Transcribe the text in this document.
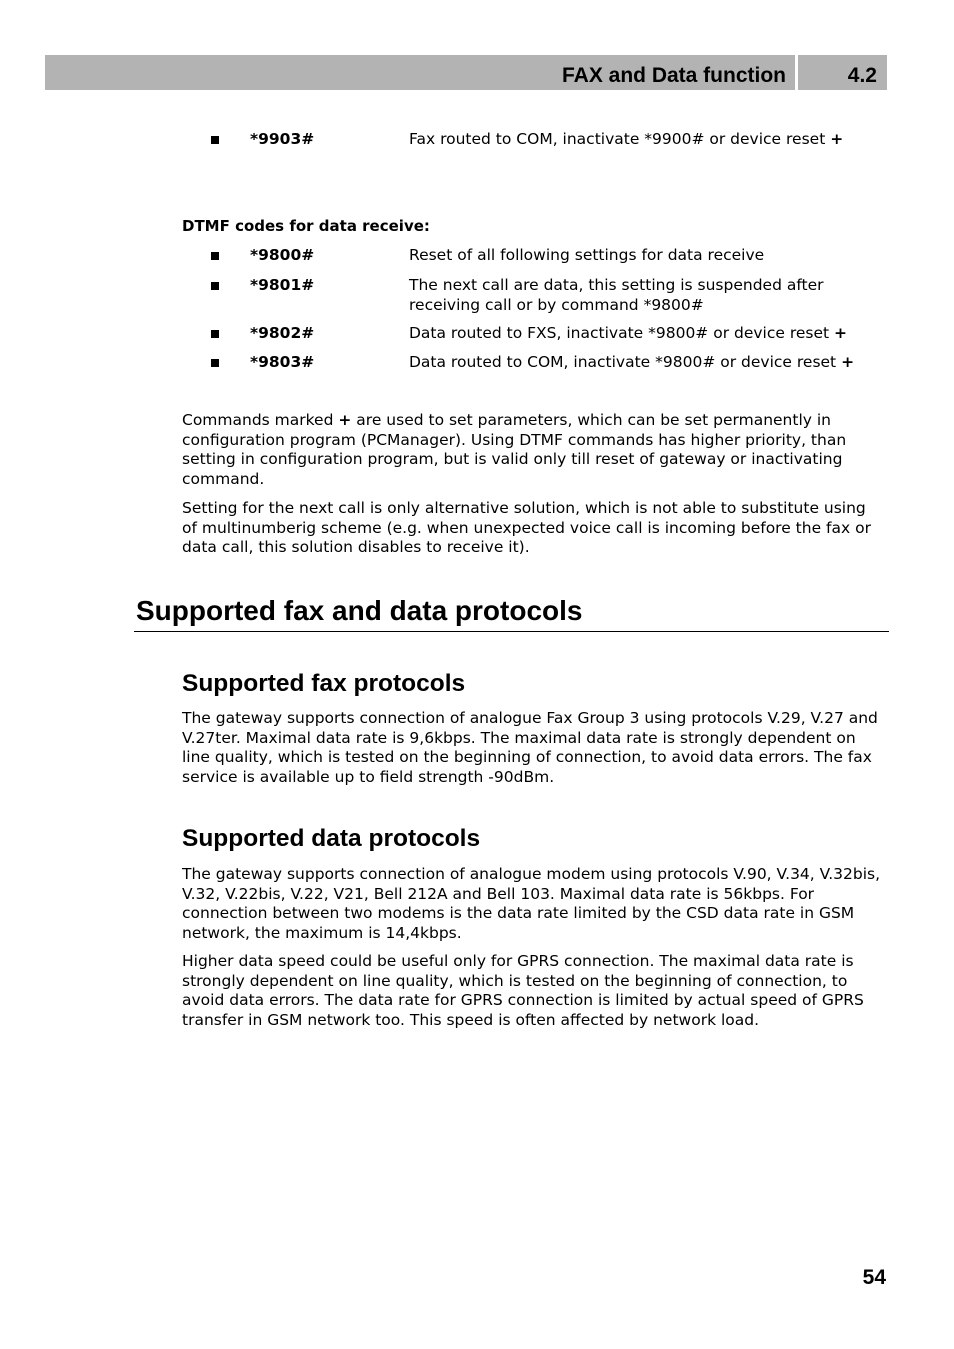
FAX and Data function	4.2
*9903#	Fax routed to COM, inactivate *9900# or device reset +
DTMF codes for data receive:
*9800#	Reset of all following settings for data receive
*9801#	The next call are data, this setting is suspended after
receiving call or by command *9800#
*9802#	Data routed to FXS, inactivate *9800# or device reset +
*9803#	Data routed to COM, inactivate *9800# or device reset +

Commands marked + are used to set parameters, which can be set permanently in configuration program (PCManager). Using DTMF commands has higher priority, than setting in configuration program, but is valid only till reset of gateway or inactivating command.

Setting for the next call is only alternative solution, which is not able to substitute using of multinumberig scheme (e.g. when unexpected voice call is incoming before the fax or data call, this solution disables to receive it).

Supported fax and data protocols
Supported fax protocols

The gateway supports connection of analogue Fax Group 3 using protocols V.29, V.27 and V.27ter. Maximal data rate is 9,6kbps. The maximal data rate is strongly dependent on line quality, which is tested on the beginning of connection, to avoid data errors. The fax service is available up to field strength -90dBm.

Supported data protocols

The gateway supports connection of analogue modem using protocols V.90, V.34, V.32bis, V.32, V.22bis, V.22, V21, Bell 212A and Bell 103. Maximal data rate is 56kbps. For connection between two modems is the data rate limited by the CSD data rate in GSM network, the maximum is 14,4kbps.

Higher data speed could be useful only for GPRS connection. The maximal data rate is strongly dependent on line quality, which is tested on the beginning of connection, to avoid data errors. The data rate for GPRS connection is limited by actual speed of GPRS transfer in GSM network too. This speed is often affected by network load.

54
